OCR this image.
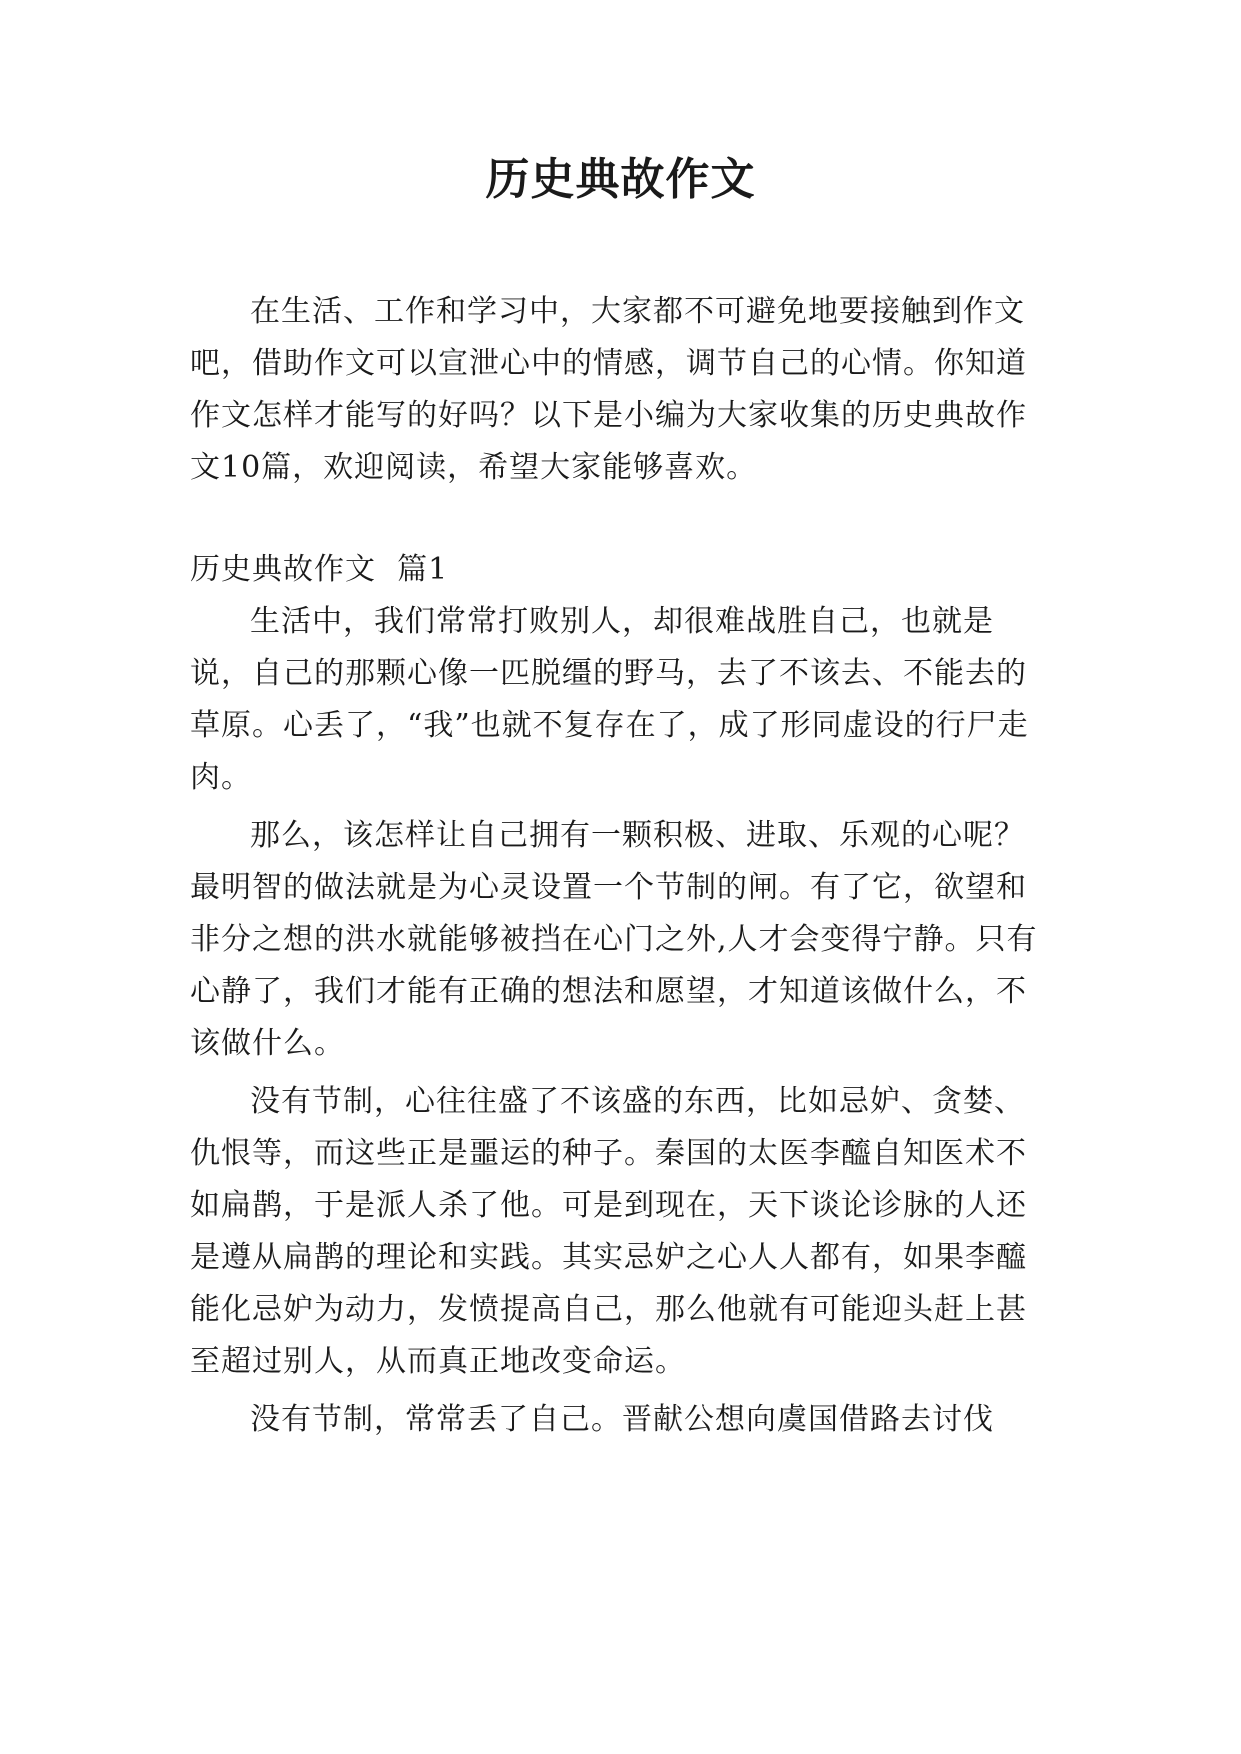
历史典故作文

在生活、工作和学习中，大家都不可避免地要接触到作文吧，借助作文可以宣泄心中的情感，调节自己的心情。你知道作文怎样才能写的好吗？以下是小编为大家收集的历史典故作文10篇，欢迎阅读，希望大家能够喜欢。

历史典故作文  篇1

生活中，我们常常打败别人，却很难战胜自己，也就是说，自己的那颗心像一匹脱缰的野马，去了不该去、不能去的草原。心丢了，“我”也就不复存在了，成了形同虚设的行尸走肉。

那么，该怎样让自己拥有一颗积极、进取、乐观的心呢？最明智的做法就是为心灵设置一个节制的闸。有了它，欲望和非分之想的洪水就能够被挡在心门之外,人才会变得宁静。只有心静了，我们才能有正确的想法和愿望，才知道该做什么，不该做什么。

没有节制，心往往盛了不该盛的东西，比如忌妒、贪婪、仇恨等，而这些正是噩运的种子。秦国的太医李醯自知医术不如扁鹊，于是派人杀了他。可是到现在，天下谈论诊脉的人还是遵从扁鹊的理论和实践。其实忌妒之心人人都有，如果李醯能化忌妒为动力，发愤提高自己，那么他就有可能迎头赶上甚至超过别人，从而真正地改变命运。

没有节制，常常丢了自己。晋献公想向虞国借路去讨伐
